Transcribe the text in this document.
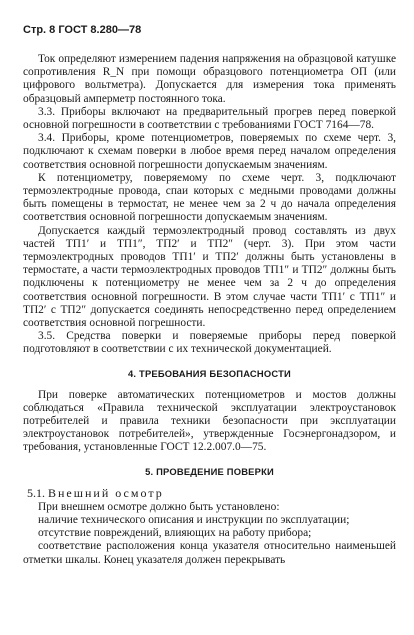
Стр. 8 ГОСТ 8.280—78

Ток определяют измерением падения напряжения на образцовой катушке сопротивления R_N при помощи образцового потенциометра ОП (или цифрового вольтметра). Допускается для измерения тока применять образцовый амперметр постоянного тока.

3.3. Приборы включают на предварительный прогрев перед поверкой основной погрешности в соответствии с требованиями ГОСТ 7164—78.

3.4. Приборы, кроме потенциометров, поверяемых по схеме черт. 3, подключают к схемам поверки в любое время перед началом определения соответствия основной погрешности допускаемым значениям.

К потенциометру, поверяемому по схеме черт. 3, подключают термоэлектродные провода, спаи которых с медными проводами должны быть помещены в термостат, не менее чем за 2 ч до начала определения соответствия основной погрешности допускаемым значениям.

Допускается каждый термоэлектродный провод составлять из двух частей ТП1′ и ТП1″, ТП2′ и ТП2″ (черт. 3). При этом части термоэлектродных проводов ТП1′ и ТП2′ должны быть установлены в термостате, а части термоэлектродных проводов ТП1″ и ТП2″ должны быть подключены к потенциометру не менее чем за 2 ч до определения соответствия основной погрешности. В этом случае части ТП1′ с ТП1″ и ТП2′ с ТП2″ допускается соединять непосредственно перед определением соответствия основной погрешности.

3.5. Средства поверки и поверяемые приборы перед поверкой подготовляют в соответствии с их технической документацией.

4. ТРЕБОВАНИЯ БЕЗОПАСНОСТИ

При поверке автоматических потенциометров и мостов должны соблюдаться «Правила технической эксплуатации электроустановок потребителей и правила техники безопасности при эксплуатации электроустановок потребителей», утвержденные Госэнергонадзором, и требования, установленные ГОСТ 12.2.007.0—75.

5. ПРОВЕДЕНИЕ ПОВЕРКИ
5.1. Внешний осмотр

При внешнем осмотре должно быть установлено:

наличие технического описания и инструкции по эксплуатации;

отсутствие повреждений, влияющих на работу прибора;

соответствие расположения конца указателя относительно наименьшей отметки шкалы. Конец указателя должен перекрывать
